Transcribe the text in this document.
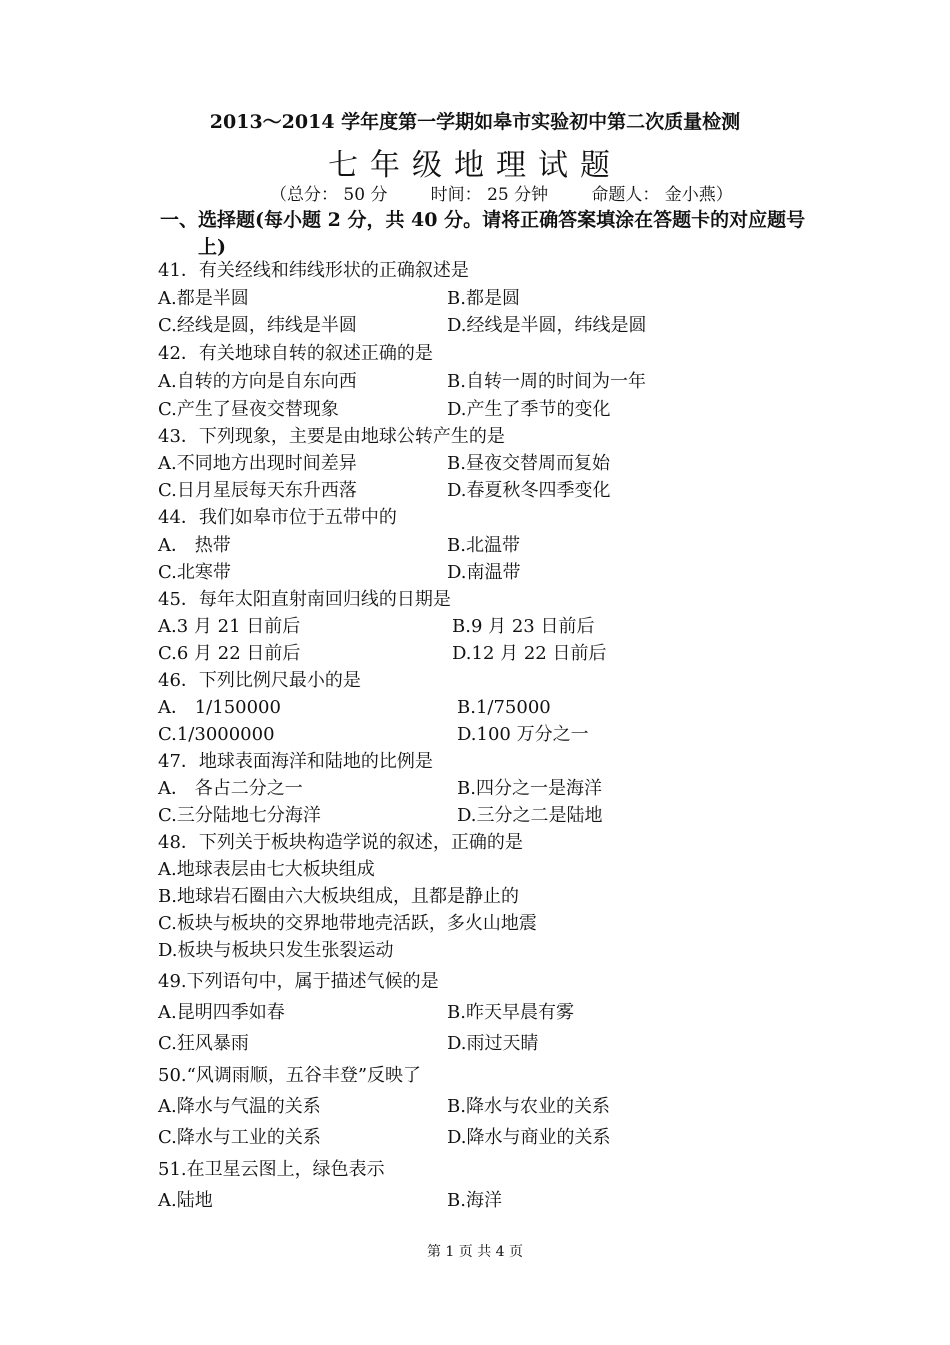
2013～2014 学年度第一学期如皋市实验初中第二次质量检测
七年级地理试题
（总分： 50 分        时间： 25 分钟        命题人： 金小燕）
一、选择题(每小题 2 分，共 40 分。请将正确答案填涂在答题卡的对应题号
上)
41．有关经线和纬线形状的正确叙述是
A.都是半圆	B.都是圆
C.经线是圆，纬线是半圆	D.经线是半圆，纬线是圆
42．有关地球自转的叙述正确的是
A.自转的方向是自东向西	B.自转一周的时间为一年
C.产生了昼夜交替现象	D.产生了季节的变化
43．下列现象，主要是由地球公转产生的是
A.不同地方出现时间差异	B.昼夜交替周而复始
C.日月星辰每天东升西落	D.春夏秋冬四季变化
44．我们如皋市位于五带中的
A． 热带	B.北温带
C.北寒带	D.南温带
45．每年太阳直射南回归线的日期是
A.3 月 21 日前后	B.9 月 23 日前后
C.6 月 22 日前后	D.12 月 22 日前后
46．下列比例尺最小的是
A． 1/150000	B.1/75000
C.1/3000000	D.100 万分之一
47．地球表面海洋和陆地的比例是
A． 各占二分之一	B.四分之一是海洋
C.三分陆地七分海洋	D.三分之二是陆地
48．下列关于板块构造学说的叙述，正确的是
A.地球表层由七大板块组成
B.地球岩石圈由六大板块组成，且都是静止的
C.板块与板块的交界地带地壳活跃，多火山地震
D.板块与板块只发生张裂运动
49.下列语句中，属于描述气候的是
A.昆明四季如春	B.昨天早晨有雾
C.狂风暴雨	D.雨过天睛
50.“风调雨顺，五谷丰登”反映了
A.降水与气温的关系	B.降水与农业的关系
C.降水与工业的关系	D.降水与商业的关系
51.在卫星云图上，绿色表示
A.陆地	B.海洋
第 1 页 共 4 页
